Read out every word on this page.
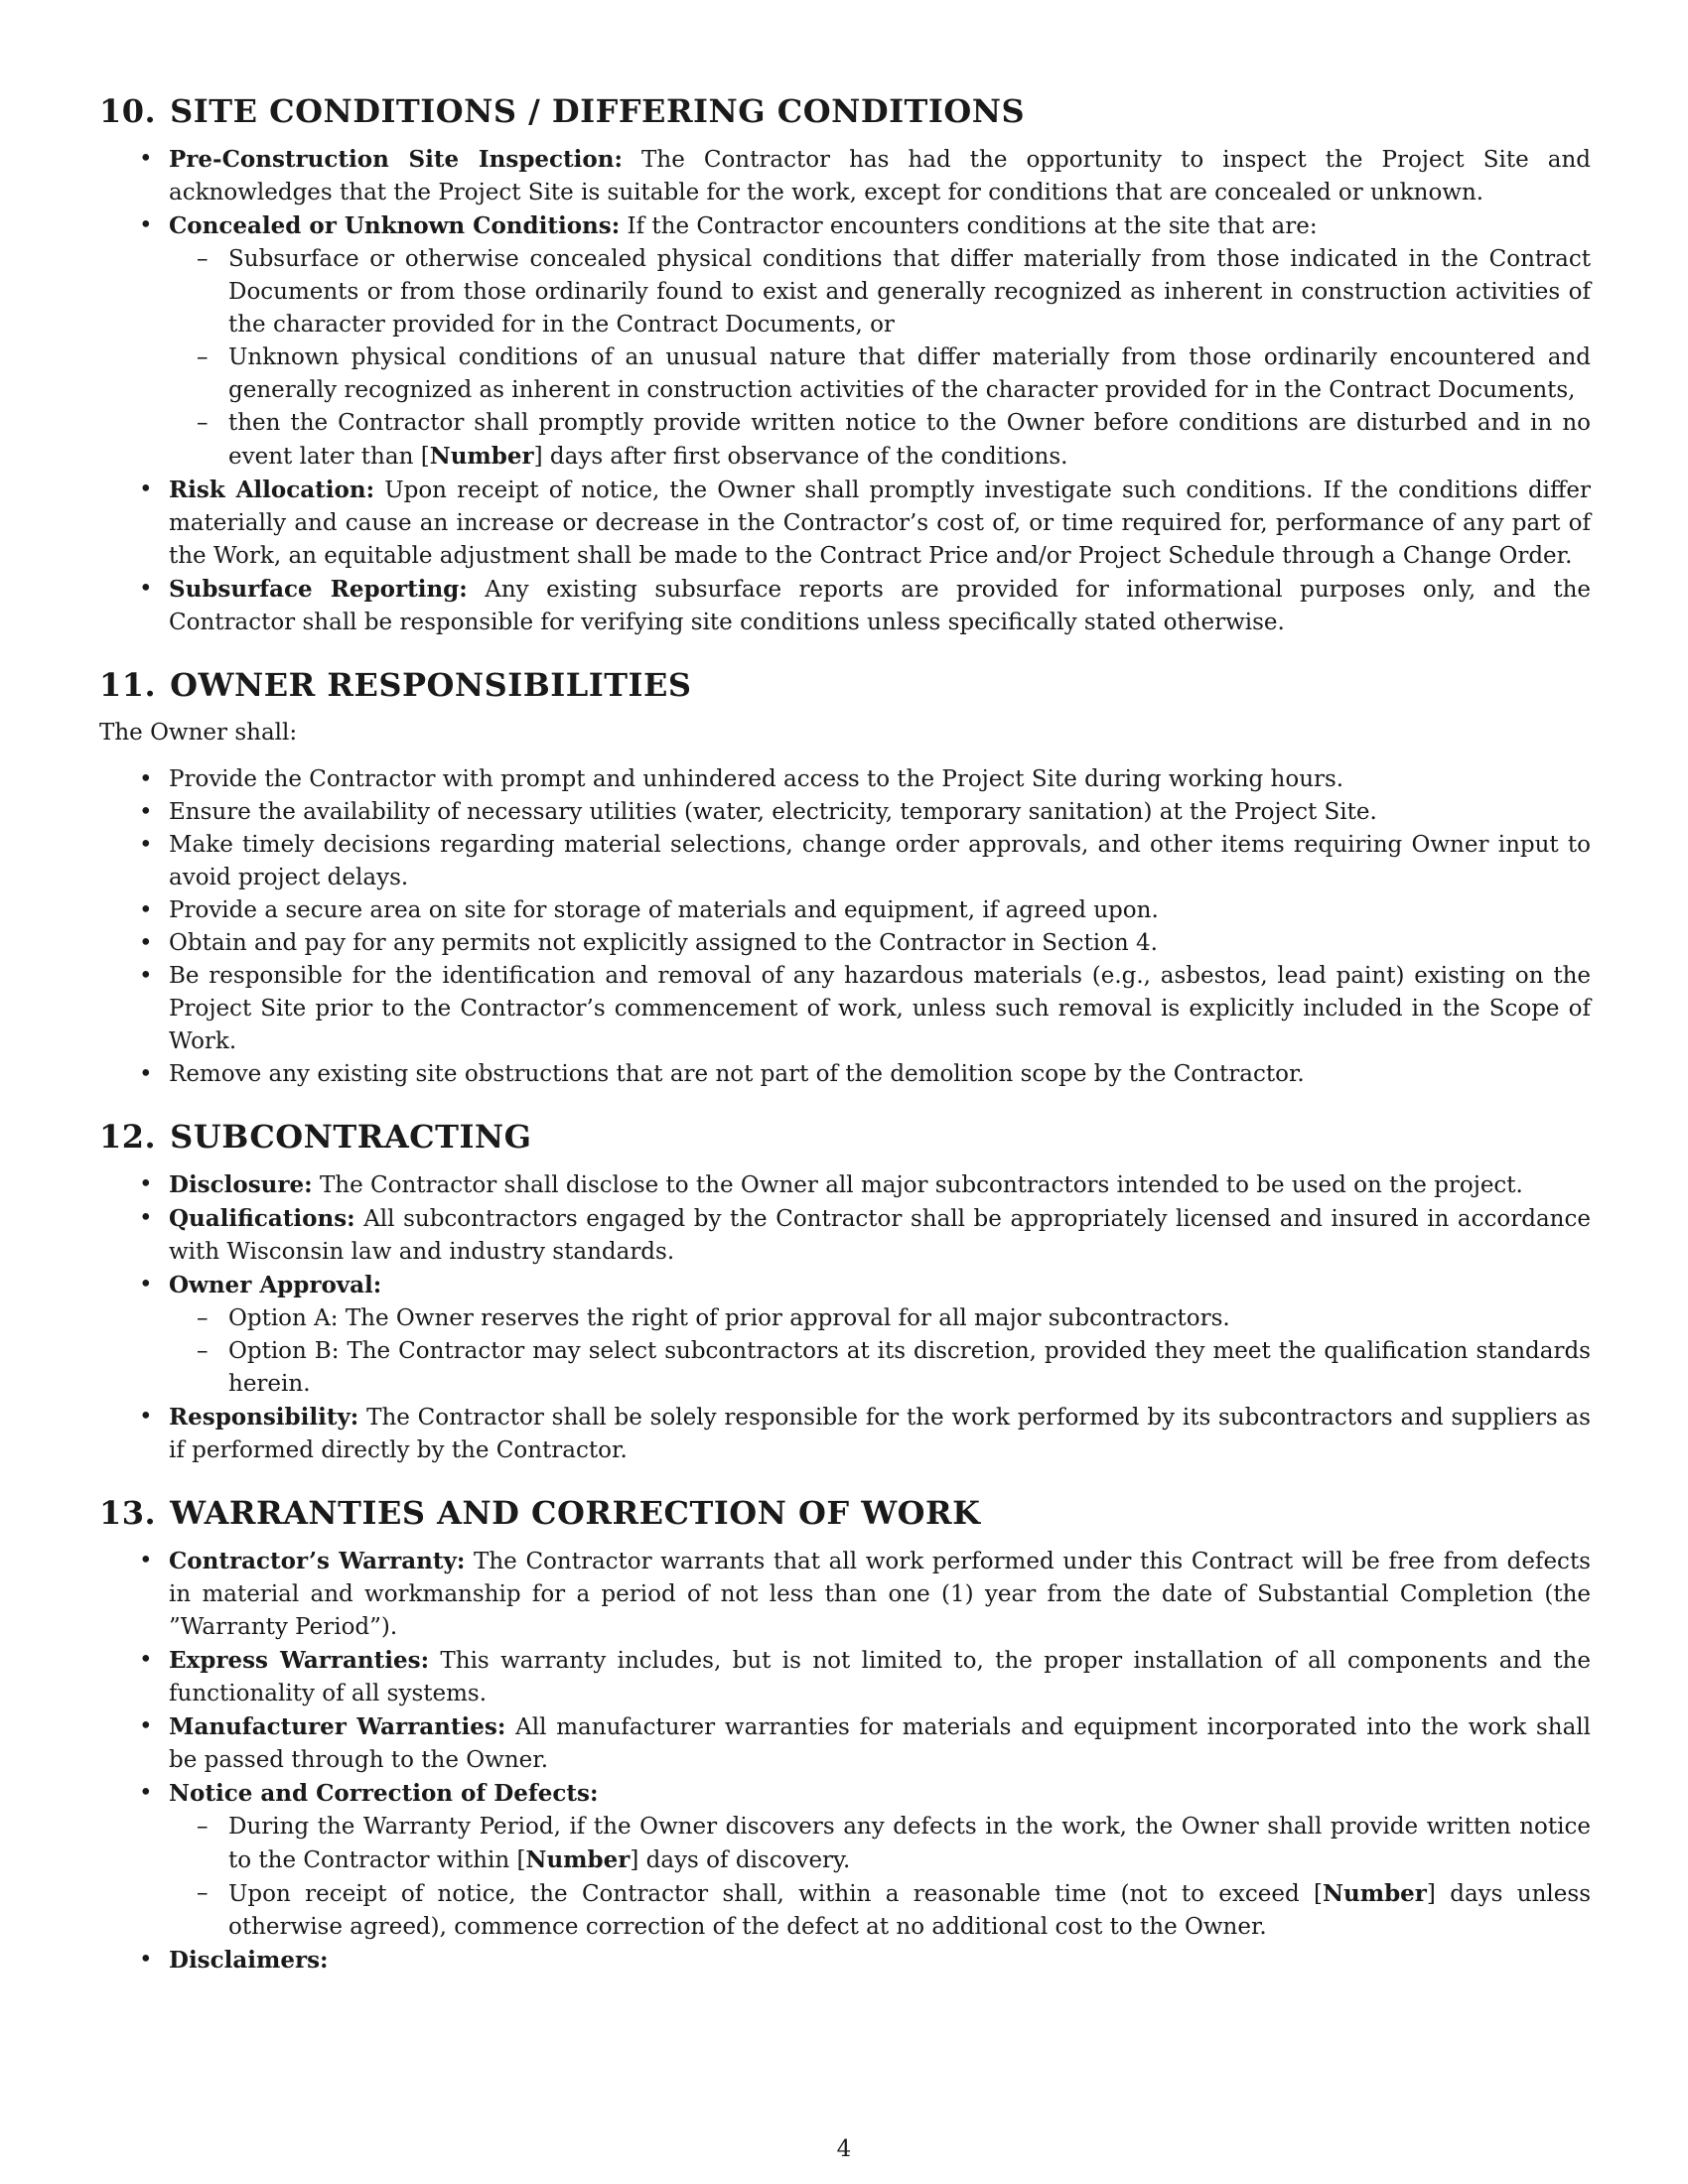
10. SITE CONDITIONS / DIFFERING CONDITIONS
• Pre-Construction Site Inspection: The Contractor has had the opportunity to inspect the Project Site and acknowledges that the Project Site is suitable for the work, except for conditions that are concealed or unknown.
• Concealed or Unknown Conditions: If the Contractor encounters conditions at the site that are:
– Subsurface or otherwise concealed physical conditions that differ materially from those indicated in the Contract Documents or from those ordinarily found to exist and generally recognized as inherent in construction activities of the character provided for in the Contract Documents, or
– Unknown physical conditions of an unusual nature that differ materially from those ordinarily encountered and generally recognized as inherent in construction activities of the character provided for in the Contract Documents,
– then the Contractor shall promptly provide written notice to the Owner before conditions are disturbed and in no event later than [Number] days after first observance of the conditions.
• Risk Allocation: Upon receipt of notice, the Owner shall promptly investigate such conditions. If the conditions differ materially and cause an increase or decrease in the Contractor’s cost of, or time required for, performance of any part of the Work, an equitable adjustment shall be made to the Contract Price and/or Project Schedule through a Change Order.
• Subsurface Reporting: Any existing subsurface reports are provided for informational purposes only, and the Contractor shall be responsible for verifying site conditions unless specifically stated otherwise.
11. OWNER RESPONSIBILITIES

The Owner shall:

• Provide the Contractor with prompt and unhindered access to the Project Site during working hours.
• Ensure the availability of necessary utilities (water, electricity, temporary sanitation) at the Project Site.
• Make timely decisions regarding material selections, change order approvals, and other items requiring Owner input to avoid project delays.
• Provide a secure area on site for storage of materials and equipment, if agreed upon.
• Obtain and pay for any permits not explicitly assigned to the Contractor in Section 4.
• Be responsible for the identification and removal of any hazardous materials (e.g., asbestos, lead paint) existing on the Project Site prior to the Contractor’s commencement of work, unless such removal is explicitly included in the Scope of Work.
• Remove any existing site obstructions that are not part of the demolition scope by the Contractor.
12. SUBCONTRACTING
• Disclosure: The Contractor shall disclose to the Owner all major subcontractors intended to be used on the project.
• Qualifications: All subcontractors engaged by the Contractor shall be appropriately licensed and insured in accordance with Wisconsin law and industry standards.
• Owner Approval:
– Option A: The Owner reserves the right of prior approval for all major subcontractors.
– Option B: The Contractor may select subcontractors at its discretion, provided they meet the qualification standards herein.
• Responsibility: The Contractor shall be solely responsible for the work performed by its subcontractors and suppliers as if performed directly by the Contractor.
13. WARRANTIES AND CORRECTION OF WORK
• Contractor’s Warranty: The Contractor warrants that all work performed under this Contract will be free from defects in material and workmanship for a period of not less than one (1) year from the date of Substantial Completion (the ”Warranty Period”).
• Express Warranties: This warranty includes, but is not limited to, the proper installation of all components and the functionality of all systems.
• Manufacturer Warranties: All manufacturer warranties for materials and equipment incorporated into the work shall be passed through to the Owner.
• Notice and Correction of Defects:
– During the Warranty Period, if the Owner discovers any defects in the work, the Owner shall provide written notice to the Contractor within [Number] days of discovery.
– Upon receipt of notice, the Contractor shall, within a reasonable time (not to exceed [Number] days unless otherwise agreed), commence correction of the defect at no additional cost to the Owner.
• Disclaimers:
4
